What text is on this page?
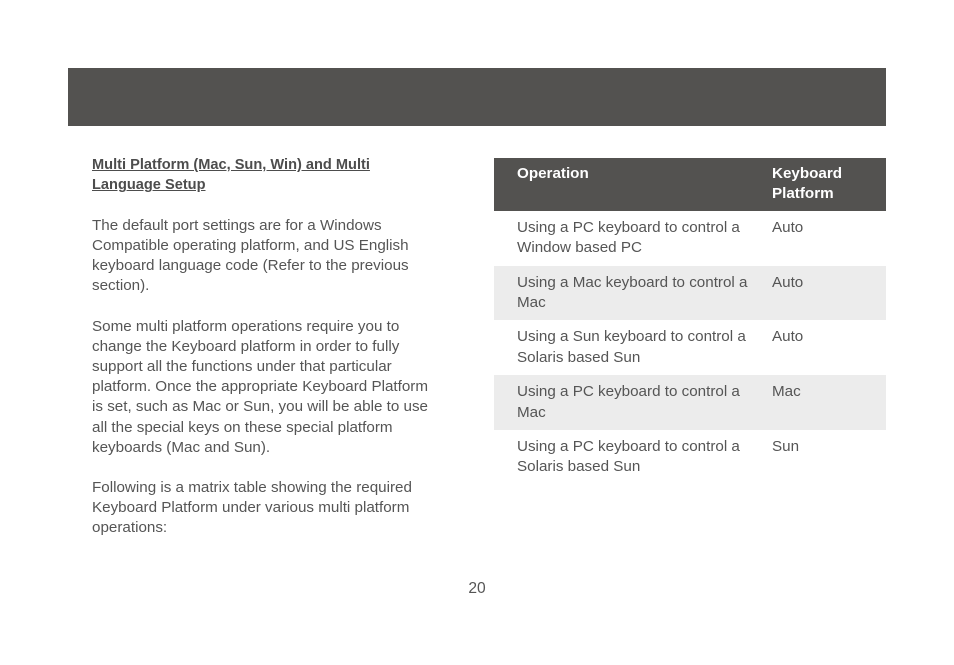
Multi Platform (Mac, Sun, Win) and Multi
Language Setup

The default port settings are for a Windows Compatible operating platform, and US English keyboard language code (Refer to the previous section).

Some multi platform operations require you to change the Keyboard platform in order to fully support all the functions under that particular platform. Once the appropriate Keyboard Platform is set, such as Mac or Sun, you will be able to use all the special keys on these special platform keyboards (Mac and Sun).

Following is a matrix table showing the required Keyboard Platform under various multi platform operations:

Operation	Keyboard Platform
Using a PC keyboard to control a Window based PC	Auto
Using a Mac keyboard to control a Mac	Auto
Using a Sun keyboard to control a Solaris based Sun	Auto
Using a PC keyboard to control a Mac	Mac
Using a PC keyboard to control a Solaris based Sun	Sun
20
